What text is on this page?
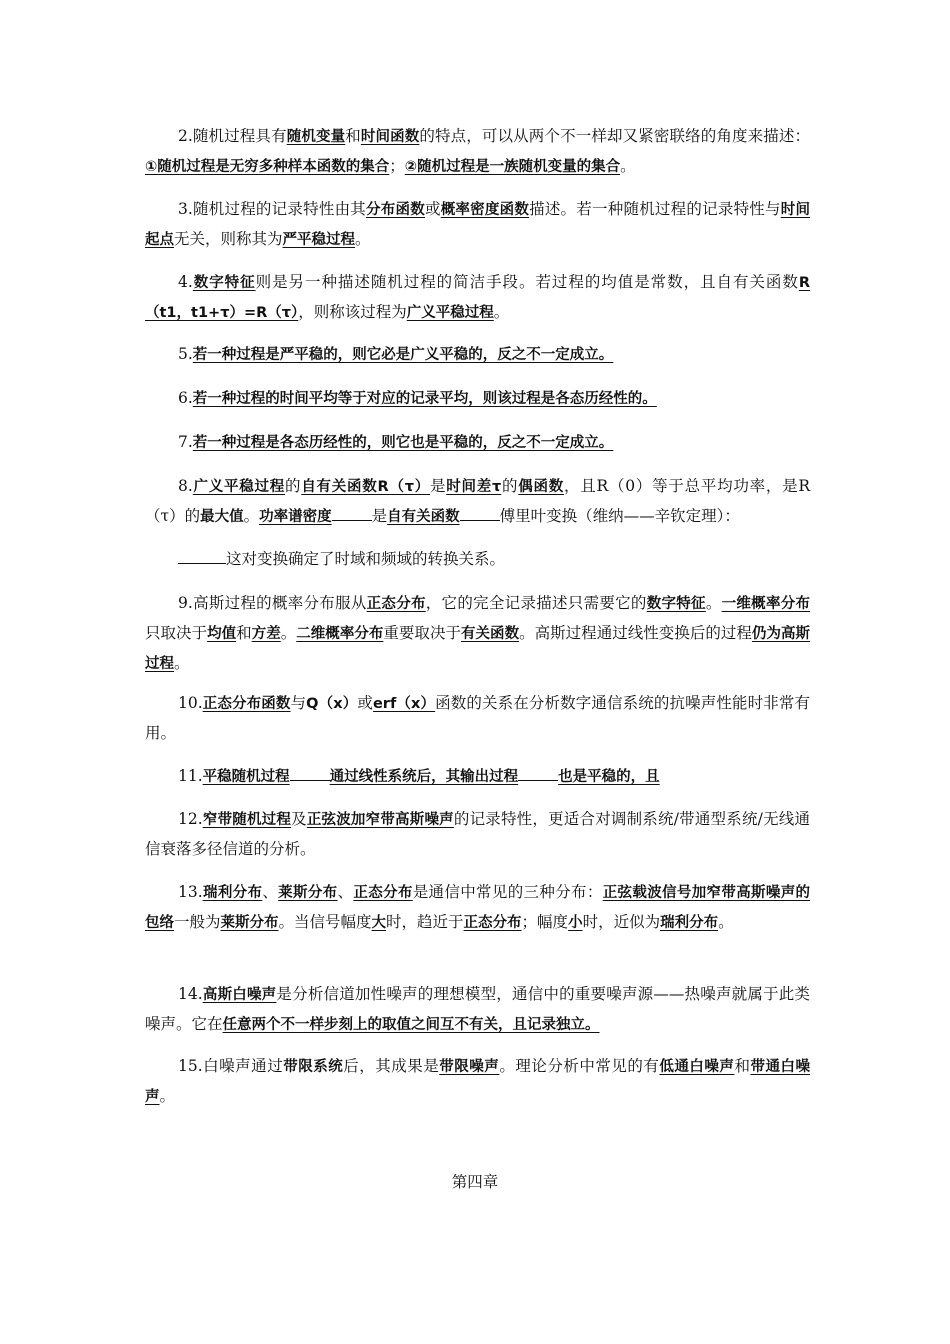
2.随机过程具有随机变量和时间函数的特点，可以从两个不一样却又紧密联络的角度来描述：①随机过程是无穷多种样本函数的集合；②随机过程是一族随机变量的集合。

3.随机过程的记录特性由其分布函数或概率密度函数描述。若一种随机过程的记录特性与时间起点无关，则称其为严平稳过程。

4.数字特征则是另一种描述随机过程的简洁手段。若过程的均值是常数，且自有关函数R（t1，t1+τ）=R（τ），则称该过程为广义平稳过程。

5.若一种过程是严平稳的，则它必是广义平稳的，反之不一定成立。

6.若一种过程的时间平均等于对应的记录平均，则该过程是各态历经性的。

7.若一种过程是各态历经性的，则它也是平稳的，反之不一定成立。

8.广义平稳过程的自有关函数R（τ）是时间差τ的偶函数，且R（0）等于总平均功率，是R（τ）的最大值。功率谱密度	是自有关函数	傅里叶变换（维纳——辛钦定理）：

这对变换确定了时域和频域的转换关系。

9.高斯过程的概率分布服从正态分布，它的完全记录描述只需要它的数字特征。一维概率分布只取决于均值和方差。二维概率分布重要取决于有关函数。高斯过程通过线性变换后的过程仍为高斯过程。

10.正态分布函数与Q（x）或erf（x）函数的关系在分析数字通信系统的抗噪声性能时非常有用。

11.平稳随机过程	通过线性系统后，其输出过程	也是平稳的，且

12.窄带随机过程及正弦波加窄带高斯噪声的记录特性，更适合对调制系统/带通型系统/无线通信衰落多径信道的分析。

13.瑞利分布、莱斯分布、正态分布是通信中常见的三种分布：正弦载波信号加窄带高斯噪声的包络一般为莱斯分布。当信号幅度大时，趋近于正态分布；幅度小时，近似为瑞利分布。

14.高斯白噪声是分析信道加性噪声的理想模型，通信中的重要噪声源——热噪声就属于此类噪声。它在任意两个不一样步刻上的取值之间互不有关，且记录独立。

15.白噪声通过带限系统后，其成果是带限噪声。理论分析中常见的有低通白噪声和带通白噪声。

第四章
